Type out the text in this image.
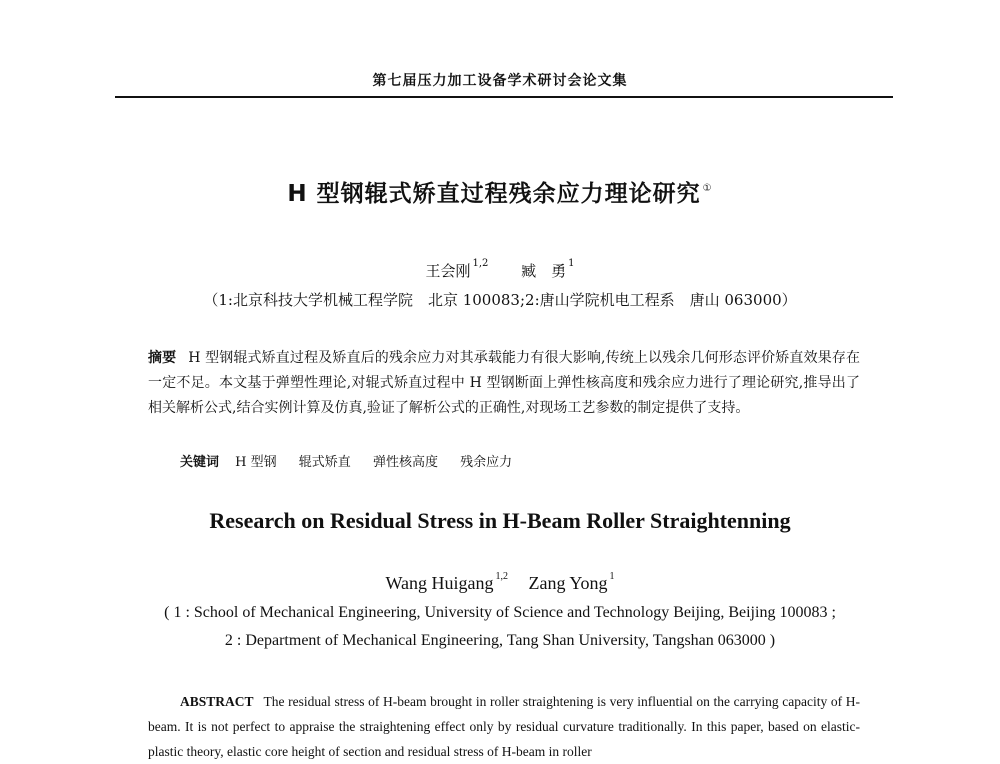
第七届压力加工设备学术研讨会论文集
H 型钢辊式矫直过程残余应力理论研究 ①
王会刚 $^{1,2}$ 臧　勇 $^1$
（1:北京科技大学机械工程学院　北京 100083;2:唐山学院机电工程系　唐山 063000）
摘要 H 型钢辊式矫直过程及矫直后的残余应力对其承载能力有很大影响,传统上以残余几何形态评价矫直效果存在一定不足。本文基于弹塑性理论,对辊式矫直过程中 H 型钢断面上弹性核高度和残余应力进行了理论研究,推导出了相关解析公式,结合实例计算及仿真,验证了解析公式的正确性,对现场工艺参数的制定提供了支持。
关键词 H 型钢 辊式矫直 弹性核高度 残余应力
Research on Residual Stress in H-Beam Roller Straightenning
Wang Huigang $^{1,2}$ Zang Yong $^1$
( 1 : School of Mechanical Engineering, University of Science and Technology Beijing, Beijing 100083 ;
2 : Department of Mechanical Engineering, Tang Shan University, Tangshan 063000 )
ABSTRACT The residual stress of H-beam brought in roller straightening is very influential on the carrying capacity of H-beam. It is not perfect to appraise the straightening effect only by residual curvature traditionally. In this paper, based on elastic-plastic theory, elastic core height of section and residual stress of H-beam in roller
